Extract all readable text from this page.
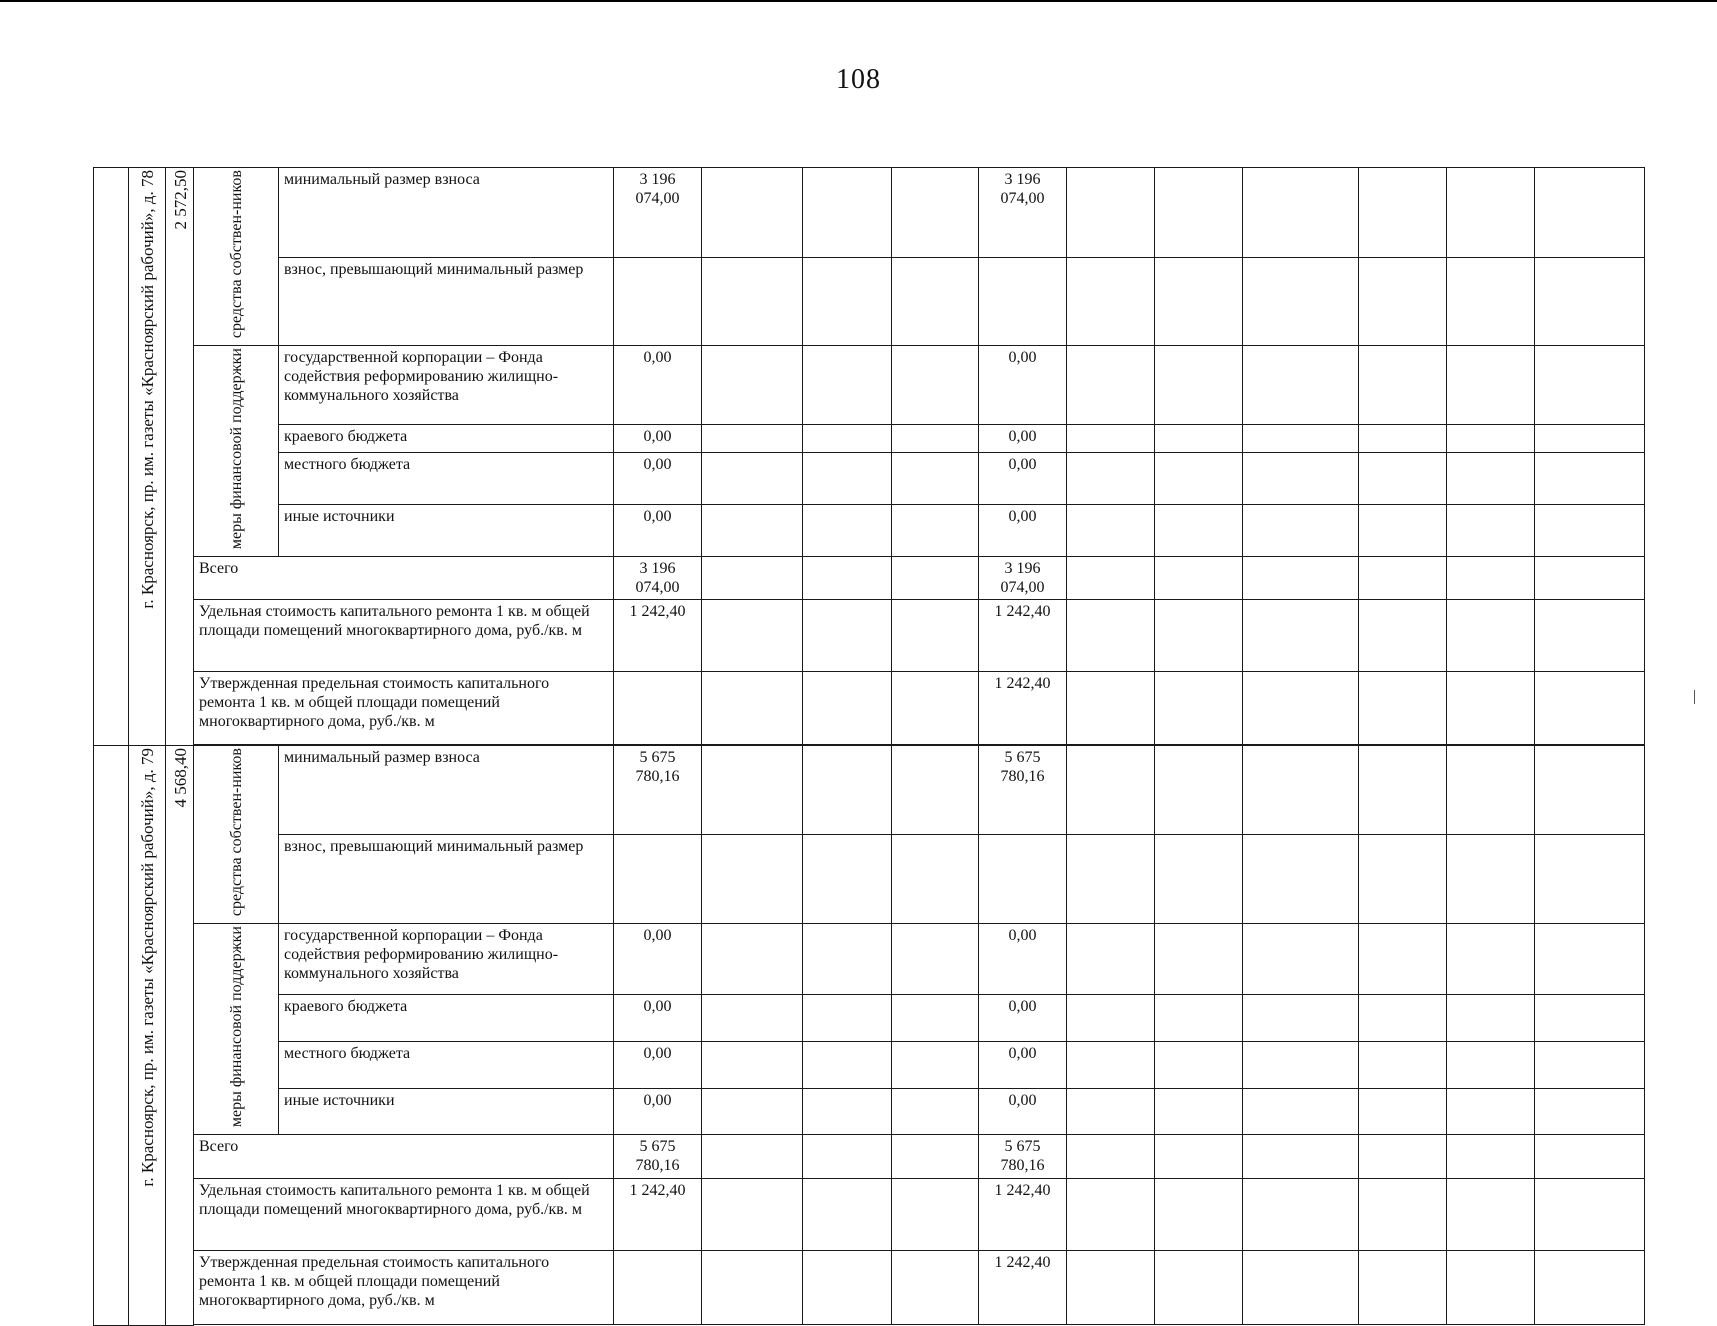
108
	г. Красноярск, пр. им. газеты «Красноярский рабочий», д. 78	2 572,50	средства собствен-ников	минимальный размер взноса	3 196 074,00				3 196 074,00						
				взнос, превышающий минимальный размер											
			меры финансовой поддержки	государственной корпорации – Фонда содействия реформированию жилищно-коммунального хозяйства	0,00				0,00						
				краевого бюджета	0,00				0,00						
				местного бюджета	0,00				0,00						
				иные источники	0,00				0,00						
			Всего		3 196 074,00				3 196 074,00						
			Удельная стоимость капитального ремонта 1 кв. м общей площади помещений многоквартирного дома, руб./кв. м		1 242,40				1 242,40						
			Утвержденная предельная стоимость капитального ремонта 1 кв. м общей площади помещений многоквартирного дома, руб./кв. м						1 242,40						

	г. Красноярск, пр. им. газеты «Красноярский рабочий», д. 79	4 568,40	средства собствен-ников	минимальный размер взноса	5 675 780,16				5 675 780,16						
				взнос, превышающий минимальный размер											
			меры финансовой поддержки	государственной корпорации – Фонда содействия реформированию жилищно-коммунального хозяйства	0,00				0,00						
				краевого бюджета	0,00				0,00						
				местного бюджета	0,00				0,00						
				иные источники	0,00				0,00						
			Всего		5 675 780,16				5 675 780,16						
			Удельная стоимость капитального ремонта 1 кв. м общей площади помещений многоквартирного дома, руб./кв. м		1 242,40				1 242,40						
			Утвержденная предельная стоимость капитального ремонта 1 кв. м общей площади помещений многоквартирного дома, руб./кв. м						1 242,40						
